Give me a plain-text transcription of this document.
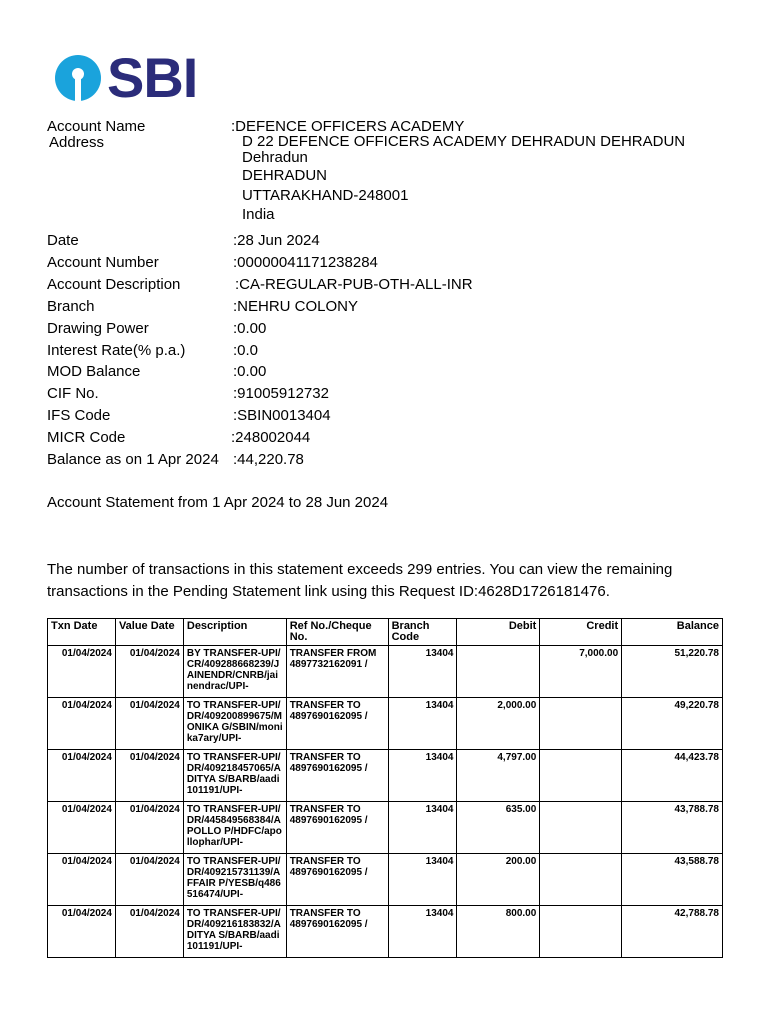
SBI
Account Name	:DEFENCE OFFICERS ACADEMY
Address	D 22 DEFENCE OFFICERS ACADEMY DEHRADUN DEHRADUN
Dehradun
DEHRADUN
UTTARAKHAND-248001
India
Date	:28 Jun 2024
Account Number	:00000041171238284
Account Description	:CA-REGULAR-PUB-OTH-ALL-INR
Branch	:NEHRU COLONY
Drawing Power	:0.00
Interest Rate(% p.a.)	:0.0
MOD Balance	:0.00
CIF No.	:91005912732
IFS Code	:SBIN0013404
MICR Code	:248002044
Balance as on 1 Apr 2024 :44,220.78
Account Statement from 1 Apr 2024 to 28 Jun 2024
The number of transactions in this statement exceeds 299 entries. You can view the remaining transactions in the Pending Statement link using this Request ID:4628D1726181476.
Txn Date	Value Date	Description	Ref No./Cheque No.	Branch Code	Debit	Credit	Balance
01/04/2024	01/04/2024	BY TRANSFER-UPI/CR/409288668239/JAINENDR/CNRB/jainendrac/UPI-	TRANSFER FROM 4897732162091 /	13404		7,000.00	51,220.78
01/04/2024	01/04/2024	TO TRANSFER-UPI/DR/409200899675/MONIKA G/SBIN/monika7ary/UPI-	TRANSFER TO 4897690162095 /	13404	2,000.00		49,220.78
01/04/2024	01/04/2024	TO TRANSFER-UPI/DR/409218457065/ADITYA S/BARB/aadi101191/UPI-	TRANSFER TO 4897690162095 /	13404	4,797.00		44,423.78
01/04/2024	01/04/2024	TO TRANSFER-UPI/DR/445849568384/APOLLO P/HDFC/apollophar/UPI-	TRANSFER TO 4897690162095 /	13404	635.00		43,788.78
01/04/2024	01/04/2024	TO TRANSFER-UPI/DR/409215731139/AFFAIR P/YESB/q486516474/UPI-	TRANSFER TO 4897690162095 /	13404	200.00		43,588.78
01/04/2024	01/04/2024	TO TRANSFER-UPI/DR/409216183832/ADITYA S/BARB/aadi101191/UPI-	TRANSFER TO 4897690162095 /	13404	800.00		42,788.78
